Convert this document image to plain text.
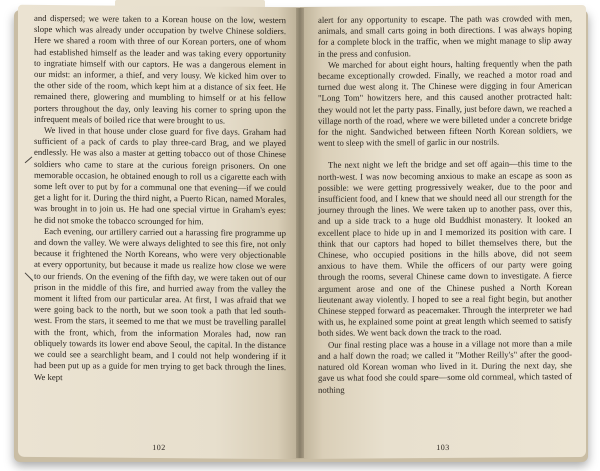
and dispersed; we were taken to a Korean house on the low, western slope which was already under occupation by twelve Chinese soldiers. Here we shared a room with three of our Korean porters, one of whom had established himself as the leader and was taking every opportunity to ingratiate himself with our captors. He was a dangerous element in our midst: an informer, a thief, and very lousy. We kicked him over to the other side of the room, which kept him at a distance of six feet. He remained there, glowering and mumbling to himself or at his fellow porters throughout the day, only leaving his corner to spring upon the infrequent meals of boiled rice that were brought to us.

We lived in that house under close guard for five days. Graham had sufficient of a pack of cards to play three-card Brag, and we played endlessly. He was also a master at getting tobacco out of those Chinese soldiers who came to stare at the curious foreign prisoners. On one memorable occasion, he obtained enough to roll us a cigarette each with some left over to put by for a communal one that evening—if we could get a light for it. During the third night, a Puerto Rican, named Morales, was brought in to join us. He had one special virtue in Graham's eyes: he did not smoke the tobacco scrounged for him.

Each evening, our artillery carried out a harassing fire programme up and down the valley. We were always delighted to see this fire, not only because it frightened the North Koreans, who were very objectionable at every opportunity, but because it made us realize how close we were to our friends. On the evening of the fifth day, we were taken out of our prison in the middle of this fire, and hurried away from the valley the moment it lifted from our particular area. At first, I was afraid that we were going back to the north, but we soon took a path that led south-west. From the stars, it seemed to me that we must be travelling parallel with the front, which, from the information Morales had, now ran obliquely towards its lower end above Seoul, the capital. In the distance we could see a searchlight beam, and I could not help wondering if it had been put up as a guide for men trying to get back through the lines. We kept

102

alert for any opportunity to escape. The path was crowded with men, animals, and small carts going in both directions. I was always hoping for a complete block in the traffic, when we might manage to slip away in the press and confusion.

We marched for about eight hours, halting frequently when the path became exceptionally crowded. Finally, we reached a motor road and turned due west along it. The Chinese were digging in four American "Long Tom" howitzers here, and this caused another protracted halt: they would not let the party pass. Finally, just before dawn, we reached a village north of the road, where we were billeted under a concrete bridge for the night. Sandwiched between fifteen North Korean soldiers, we went to sleep with the smell of garlic in our nostrils.

The next night we left the bridge and set off again—this time to the north-west. I was now becoming anxious to make an escape as soon as possible: we were getting progressively weaker, due to the poor and insufficient food, and I knew that we should need all our strength for the journey through the lines. We were taken up to another pass, over this, and up a side track to a huge old Buddhist monastery. It looked an excellent place to hide up in and I memorized its position with care. I think that our captors had hoped to billet themselves there, but the Chinese, who occupied positions in the hills above, did not seem anxious to have them. While the officers of our party were going through the rooms, several Chinese came down to investigate. A fierce argument arose and one of the Chinese pushed a North Korean lieutenant away violently. I hoped to see a real fight begin, but another Chinese stepped forward as peacemaker. Through the interpreter we had with us, he explained some point at great length which seemed to satisfy both sides. We went back down the track to the road.

Our final resting place was a house in a village not more than a mile and a half down the road; we called it "Mother Reilly's" after the good-natured old Korean woman who lived in it. During the next day, she gave us what food she could spare—some old cornmeal, which tasted of nothing

103
